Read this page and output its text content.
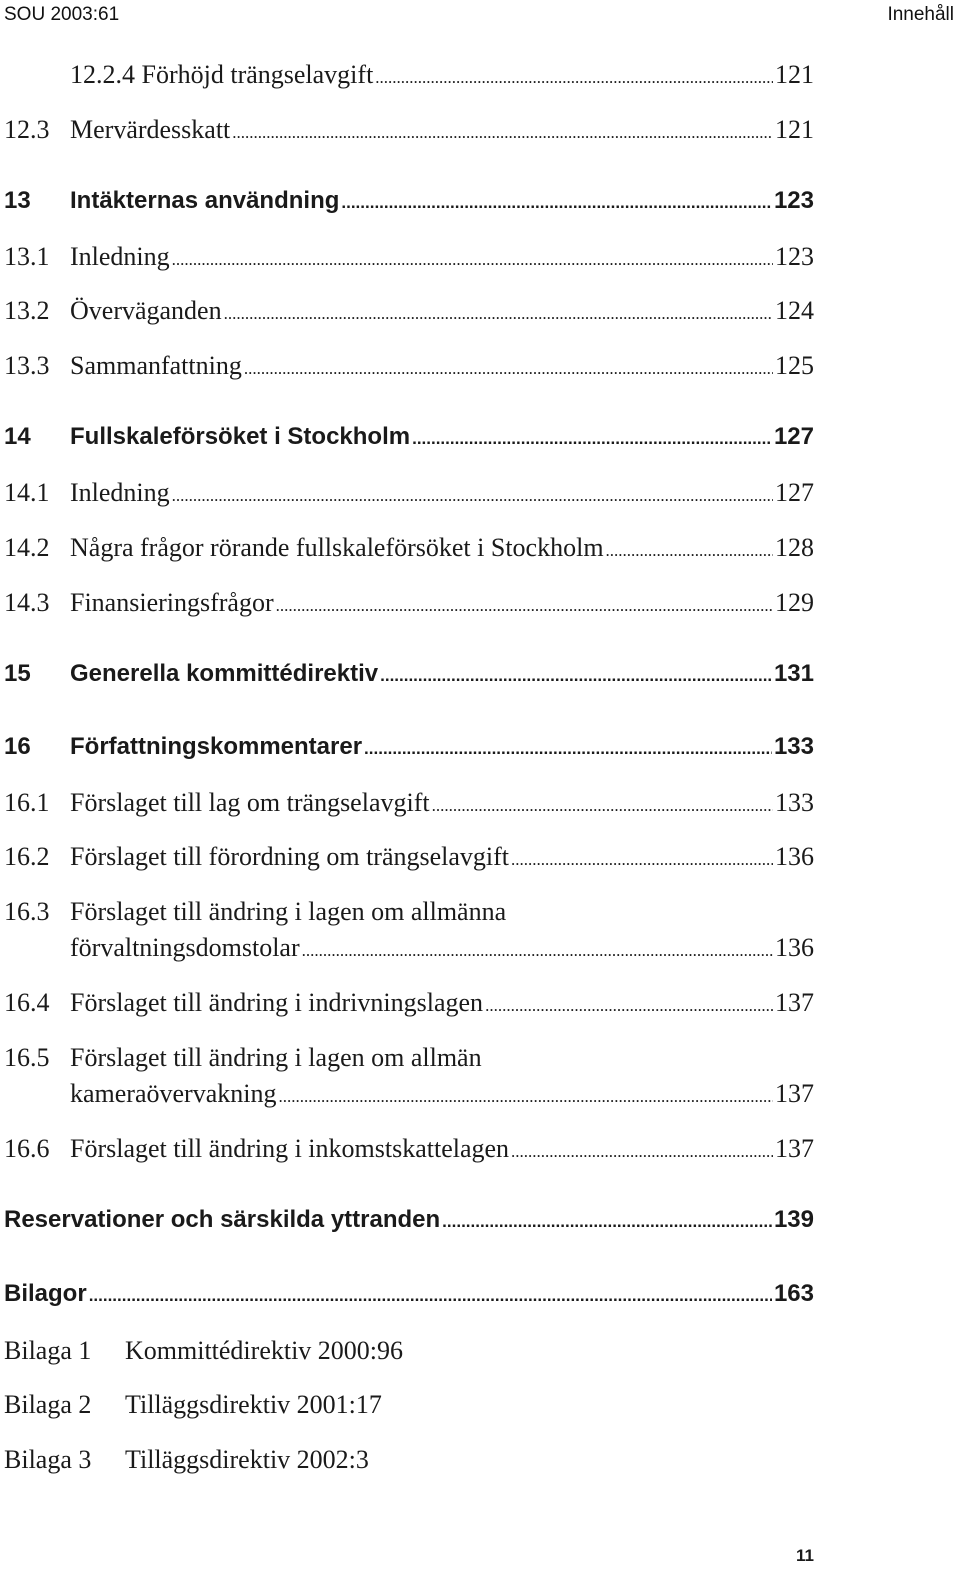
SOU 2003:61	Innehåll
12.2.4 Förhöjd trängselavgift .....	121
12.3 Mervärdesskatt .....	121
13	Intäkternas användning .....	123
13.1 Inledning .....	123
13.2 Överväganden .....	124
13.3 Sammanfattning .....	125
14	Fullskaleförsöket i Stockholm .....	127
14.1 Inledning .....	127
14.2 Några frågor rörande fullskaleförsöket i Stockholm .....	128
14.3 Finansieringsfrågor .....	129
15	Generella kommittédirektiv .....	131
16	Författningskommentarer .....	133
16.1 Förslaget till lag om trängselavgift .....	133
16.2 Förslaget till förordning om trängselavgift .....	136
16.3 Förslaget till ändring i lagen om allmänna
förvaltningsdomstolar .....	136
16.4 Förslaget till ändring i indrivningslagen .....	137
16.5 Förslaget till ändring i lagen om allmän
kameraövervakning .....	137
16.6 Förslaget till ändring i inkomstskattelagen .....	137
Reservationer och särskilda yttranden .....	139
Bilagor .....	163
Bilaga 1	Kommittédirektiv 2000:96
Bilaga 2	Tilläggsdirektiv 2001:17
Bilaga 3	Tilläggsdirektiv 2002:3
11
